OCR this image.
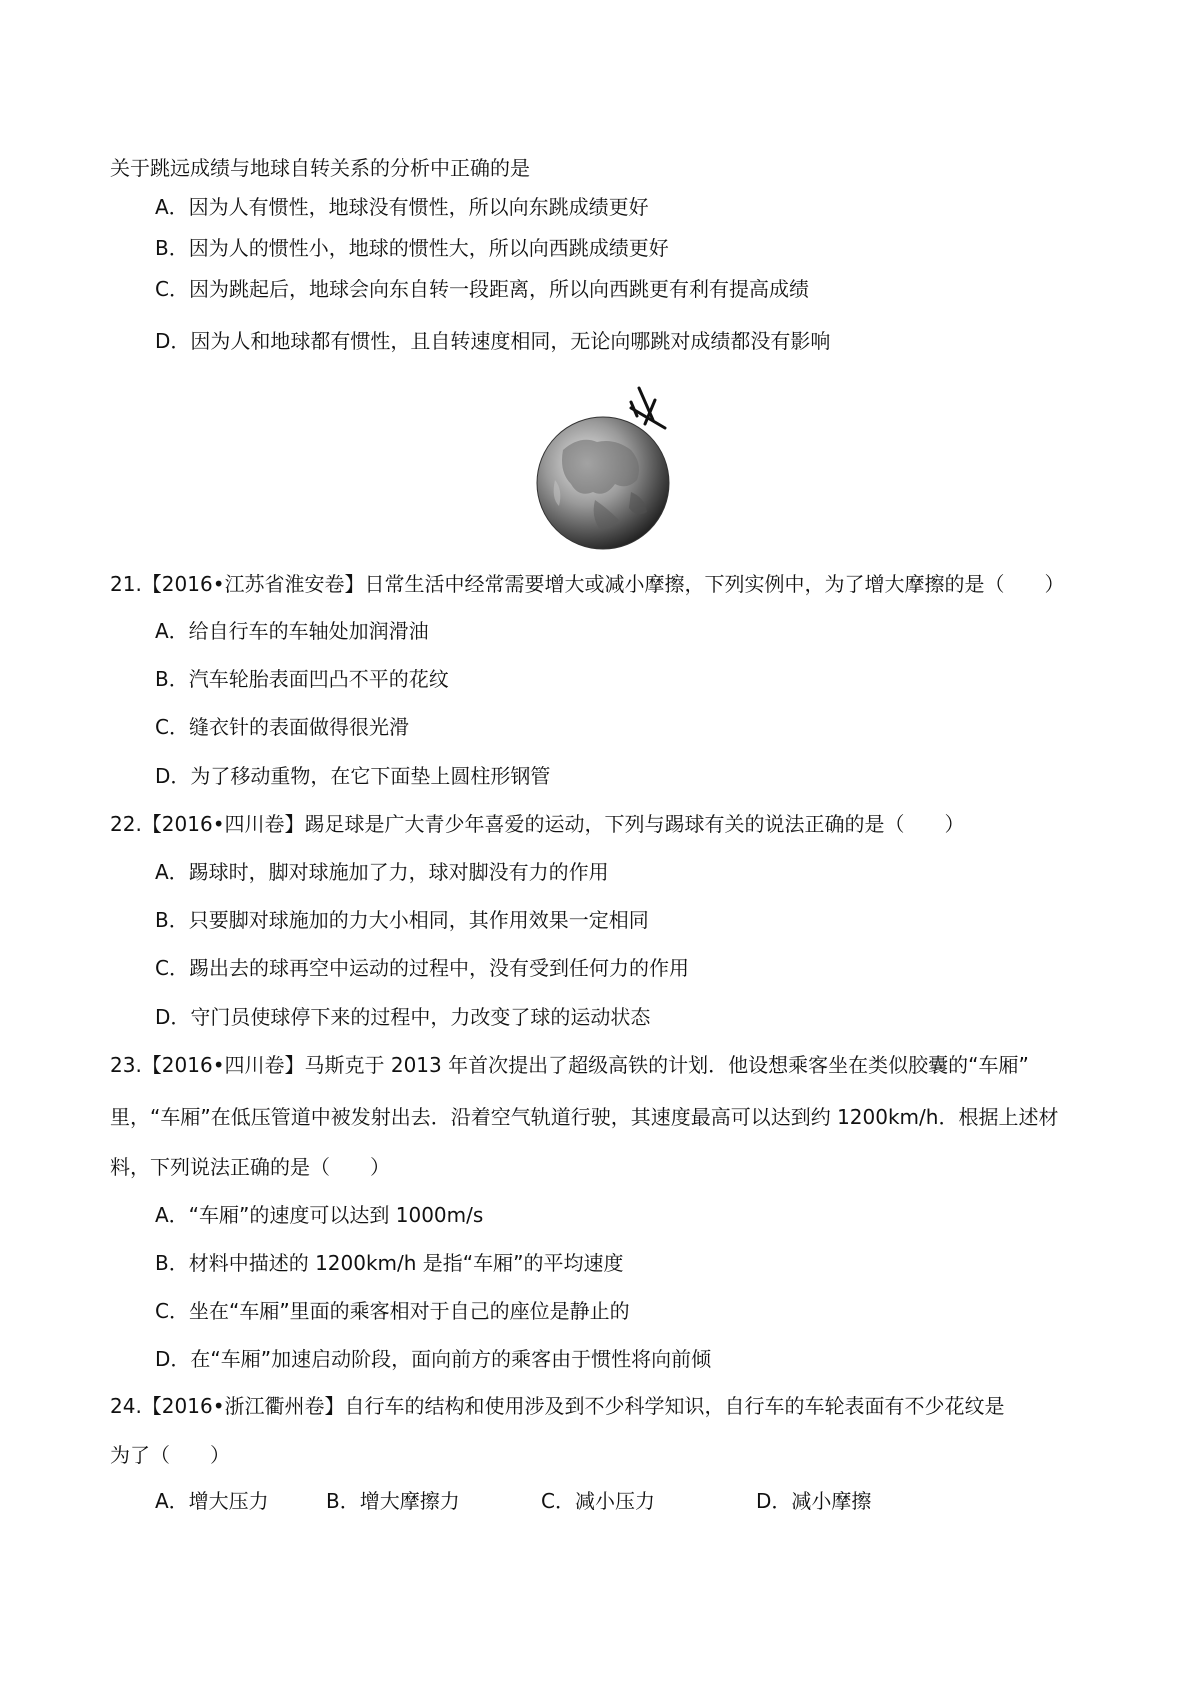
关于跳远成绩与地球自转关系的分析中正确的是
A．因为人有惯性，地球没有惯性，所以向东跳成绩更好
B．因为人的惯性小，地球的惯性大，所以向西跳成绩更好
C．因为跳起后，地球会向东自转一段距离，所以向西跳更有利有提高成绩
D．因为人和地球都有惯性，且自转速度相同，无论向哪跳对成绩都没有影响
21.【2016•江苏省淮安卷】日常生活中经常需要增大或减小摩擦，下列实例中，为了增大摩擦的是（　　）
A．给自行车的车轴处加润滑油
B．汽车轮胎表面凹凸不平的花纹
C．缝衣针的表面做得很光滑
D．为了移动重物，在它下面垫上圆柱形钢管
22.【2016•四川卷】踢足球是广大青少年喜爱的运动，下列与踢球有关的说法正确的是（　　）
A．踢球时，脚对球施加了力，球对脚没有力的作用
B．只要脚对球施加的力大小相同，其作用效果一定相同
C．踢出去的球再空中运动的过程中，没有受到任何力的作用
D．守门员使球停下来的过程中，力改变了球的运动状态
23.【2016•四川卷】马斯克于 2013 年首次提出了超级高铁的计划．他设想乘客坐在类似胶囊的“车厢”
里，“车厢”在低压管道中被发射出去．沿着空气轨道行驶，其速度最高可以达到约 1200km/h．根据上述材
料，下列说法正确的是（　　）
A．“车厢”的速度可以达到 1000m/s
B．材料中描述的 1200km/h 是指“车厢”的平均速度
C．坐在“车厢”里面的乘客相对于自己的座位是静止的
D．在“车厢”加速启动阶段，面向前方的乘客由于惯性将向前倾
24.【2016•浙江衢州卷】自行车的结构和使用涉及到不少科学知识，自行车的车轮表面有不少花纹是
为了（　　）
A．增大压力	B．增大摩擦力	C．减小压力	D．减小摩擦
